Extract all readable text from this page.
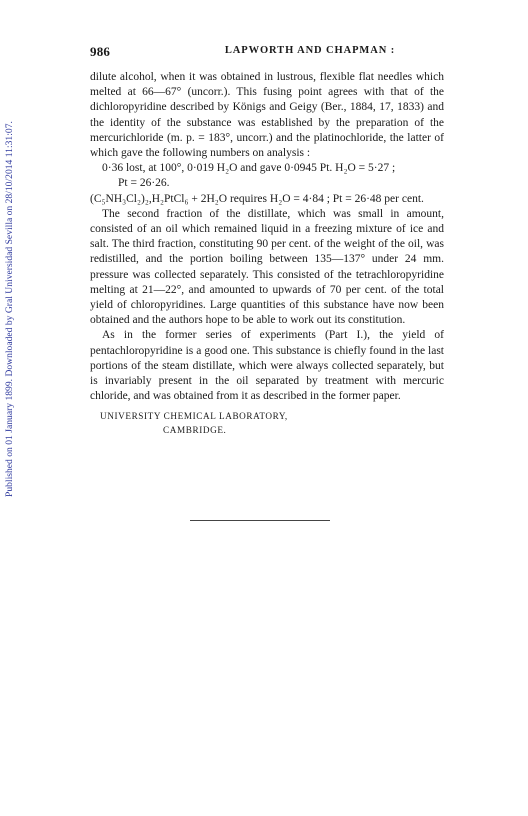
Published on 01 January 1899. Downloaded by Gral Universidad Sevilla on 28/10/2014 11:31:07.
986	LAPWORTH AND CHAPMAN :

dilute alcohol, when it was obtained in lustrous, flexible flat needles which melted at 66—67° (uncorr.). This fusing point agrees with that of the dichloropyridine described by Königs and Geigy (Ber., 1884, 17, 1833) and the identity of the substance was established by the preparation of the mercurichloride (m. p. = 183°, uncorr.) and the platinochloride, the latter of which gave the following numbers on analysis :

0·36 lost, at 100°, 0·019 H₂O and gave 0·0945 Pt. H₂O = 5·27 ;

Pt = 26·26.

(C₅NH₃Cl₂)₂,H₂PtCl₆ + 2H₂O requires H₂O = 4·84 ; Pt = 26·48 per cent.

The second fraction of the distillate, which was small in amount, consisted of an oil which remained liquid in a freezing mixture of ice and salt. The third fraction, constituting 90 per cent. of the weight of the oil, was redistilled, and the portion boiling between 135—137° under 24 mm. pressure was collected separately. This consisted of the tetrachloropyridine melting at 21—22°, and amounted to upwards of 70 per cent. of the total yield of chloropyridines. Large quantities of this substance have now been obtained and the authors hope to be able to work out its constitution.

As in the former series of experiments (Part I.), the yield of pentachloropyridine is a good one. This substance is chiefly found in the last portions of the steam distillate, which were always collected separately, but is invariably present in the oil separated by treatment with mercuric chloride, and was obtained from it as described in the former paper.

UNIVERSITY CHEMICAL LABORATORY,
CAMBRIDGE.
